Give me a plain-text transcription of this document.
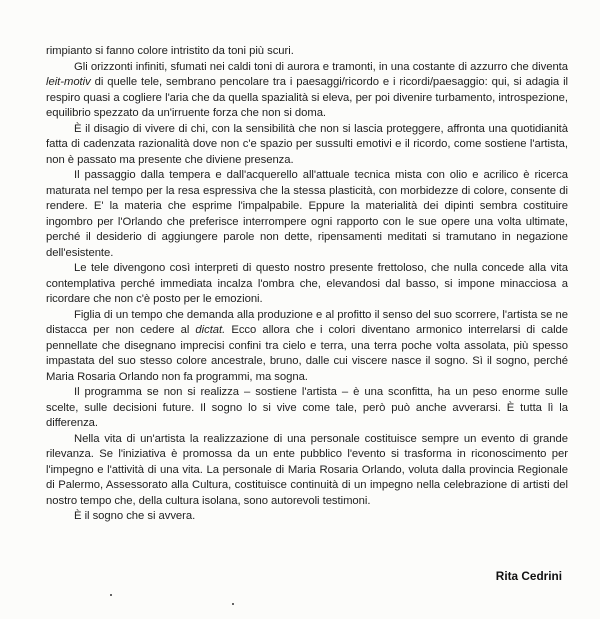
rimpianto si fanno colore intristito da toni più scuri.

Gli orizzonti infiniti, sfumati nei caldi toni di aurora e tramonti, in una costante di azzurro che diventa leit-motiv di quelle tele, sembrano pencolare tra i paesaggi/ricordo e i ricordi/paesaggio: qui, si adagia il respiro quasi a cogliere l'aria che da quella spazialità si eleva, per poi divenire turbamento, introspezione, equilibrio spezzato da un'irruente forza che non si doma.

È il disagio di vivere di chi, con la sensibilità che non si lascia proteggere, affronta una quotidianità fatta di cadenzata razionalità dove non c'e spazio per sussulti emotivi e il ricordo, come sostiene l'artista, non è passato ma presente che diviene presenza.

Il passaggio dalla tempera e dall'acquerello all'attuale tecnica mista con olio e acrilico è ricerca maturata nel tempo per la resa espressiva che la stessa plasticità, con morbidezze di colore, consente di rendere. E' la materia che esprime l'impalpabile. Eppure la materialità dei dipinti sembra costituire ingombro per l'Orlando che preferisce interrompere ogni rapporto con le sue opere una volta ultimate, perché il desiderio di aggiungere parole non dette, ripensamenti meditati si tramutano in negazione dell'esistente.

Le tele divengono così interpreti di questo nostro presente frettoloso, che nulla concede alla vita contemplativa perché immediata incalza l'ombra che, elevandosi dal basso, si impone minacciosa a ricordare che non c'è posto per le emozioni.

Figlia di un tempo che demanda alla produzione e al profitto il senso del suo scorrere, l'artista se ne distacca per non cedere al dictat. Ecco allora che i colori diventano armonico interrelarsi di calde pennellate che disegnano imprecisi confini tra cielo e terra, una terra poche volta assolata, più spesso impastata del suo stesso colore ancestrale, bruno, dalle cui viscere nasce il sogno. Sì il sogno, perché Maria Rosaria Orlando non fa programmi, ma sogna.

Il programma se non si realizza – sostiene l'artista – è una sconfitta, ha un peso enorme sulle scelte, sulle decisioni future. Il sogno lo si vive come tale, però può anche avverarsi. È tutta lì la differenza.

Nella vita di un'artista la realizzazione di una personale costituisce sempre un evento di grande rilevanza. Se l'iniziativa è promossa da un ente pubblico l'evento si trasforma in riconoscimento per l'impegno e l'attività di una vita. La personale di Maria Rosaria Orlando, voluta dalla provincia Regionale di Palermo, Assessorato alla Cultura, costituisce continuità di un impegno nella celebrazione di artisti del nostro tempo che, della cultura isolana, sono autorevoli testimoni.

È il sogno che si avvera.

Rita Cedrini
